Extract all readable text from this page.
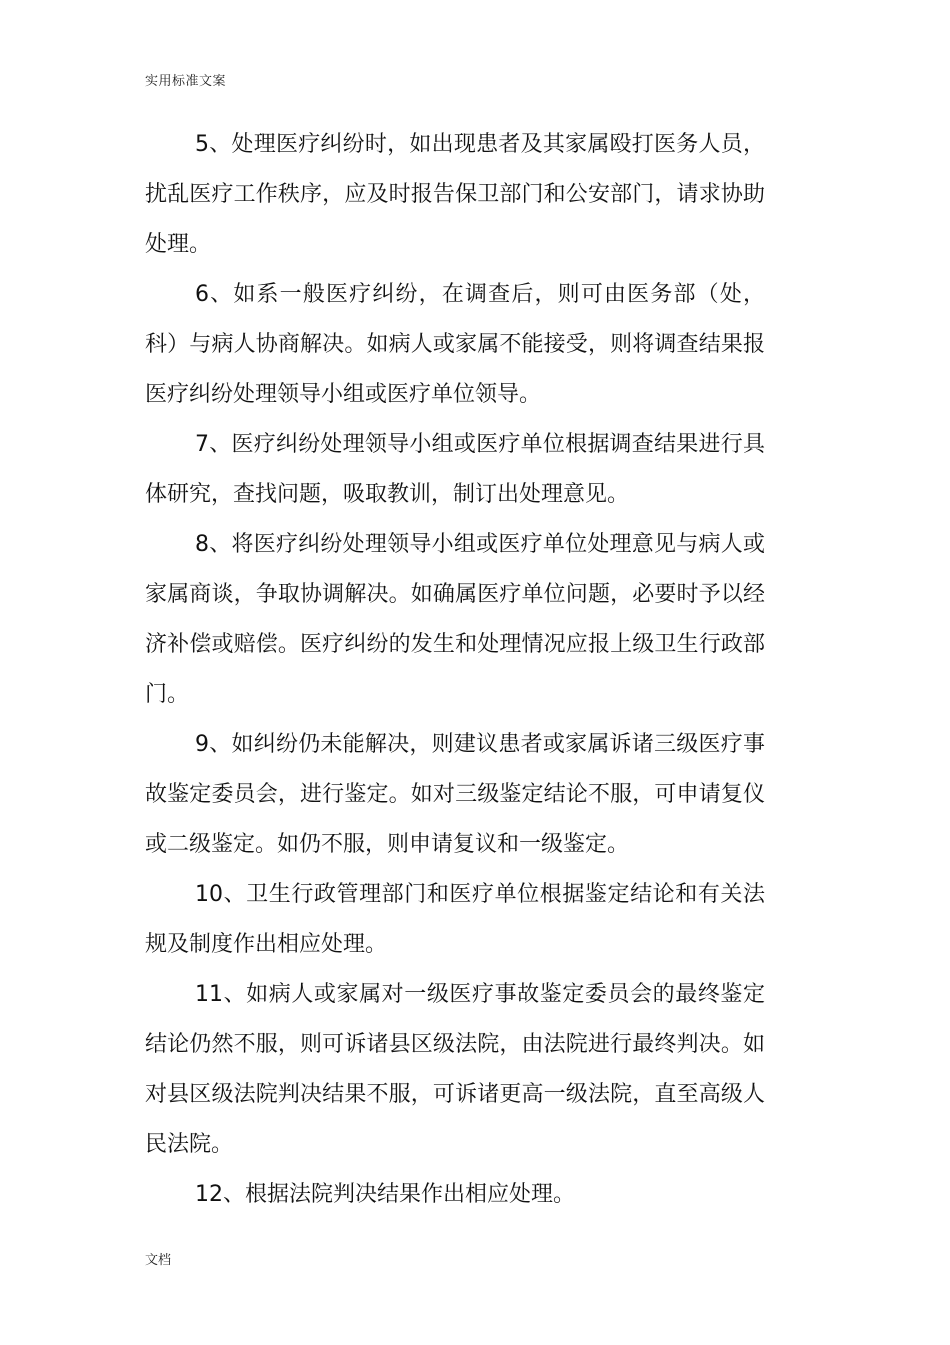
实用标准文案

5、处理医疗纠纷时，如出现患者及其家属殴打医务人员，扰乱医疗工作秩序，应及时报告保卫部门和公安部门，请求协助处理。

6、如系一般医疗纠纷，在调查后，则可由医务部（处，科）与病人协商解决。如病人或家属不能接受，则将调查结果报医疗纠纷处理领导小组或医疗单位领导。

7、医疗纠纷处理领导小组或医疗单位根据调查结果进行具体研究，查找问题，吸取教训，制订出处理意见。

8、将医疗纠纷处理领导小组或医疗单位处理意见与病人或家属商谈，争取协调解决。如确属医疗单位问题，必要时予以经济补偿或赔偿。医疗纠纷的发生和处理情况应报上级卫生行政部门。

9、如纠纷仍未能解决，则建议患者或家属诉诸三级医疗事故鉴定委员会，进行鉴定。如对三级鉴定结论不服，可申请复仪或二级鉴定。如仍不服，则申请复议和一级鉴定。

10、卫生行政管理部门和医疗单位根据鉴定结论和有关法规及制度作出相应处理。

11、如病人或家属对一级医疗事故鉴定委员会的最终鉴定结论仍然不服，则可诉诸县区级法院，由法院进行最终判决。如对县区级法院判决结果不服，可诉诸更高一级法院，直至高级人民法院。

12、根据法院判决结果作出相应处理。

文档
